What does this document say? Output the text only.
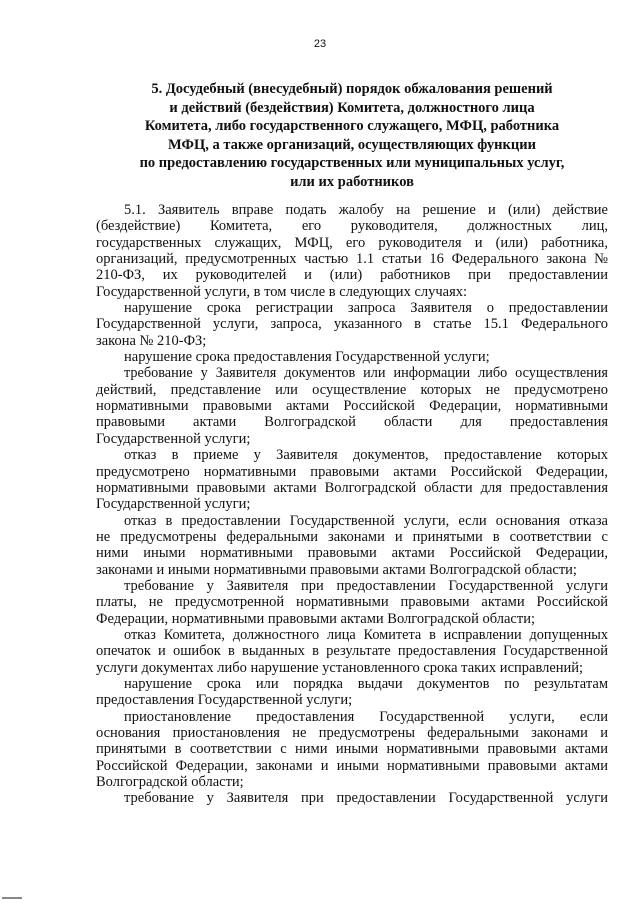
23
5. Досудебный (внесудебный) порядок обжалования решений
и действий (бездействия) Комитета, должностного лица
Комитета, либо государственного служащего, МФЦ, работника
МФЦ, а также организаций, осуществляющих функции
по предоставлению государственных или муниципальных услуг,
или их работников
5.1. Заявитель вправе подать жалобу на решение и (или) действие
(бездействие) Комитета, его руководителя, должностных лиц,
государственных служащих, МФЦ, его руководителя и (или) работника,
организаций, предусмотренных частью 1.1 статьи 16 Федерального закона №
210-ФЗ, их руководителей и (или) работников при предоставлении
Государственной услуги, в том числе в следующих случаях:
нарушение срока регистрации запроса Заявителя о предоставлении
Государственной услуги, запроса, указанного в статье 15.1 Федерального
закона № 210-ФЗ;
нарушение срока предоставления Государственной услуги;
требование у Заявителя документов или информации либо осуществления
действий, представление или осуществление которых не предусмотрено
нормативными правовыми актами Российской Федерации, нормативными
правовыми актами Волгоградской области для предоставления
Государственной услуги;
отказ в приеме у Заявителя документов, предоставление которых
предусмотрено нормативными правовыми актами Российской Федерации,
нормативными правовыми актами Волгоградской области для предоставления
Государственной услуги;
отказ в предоставлении Государственной услуги, если основания отказа
не предусмотрены федеральными законами и принятыми в соответствии с
ними иными нормативными правовыми актами Российской Федерации,
законами и иными нормативными правовыми актами Волгоградской области;
требование у Заявителя при предоставлении Государственной услуги
платы, не предусмотренной нормативными правовыми актами Российской
Федерации, нормативными правовыми актами Волгоградской области;
отказ Комитета, должностного лица Комитета в исправлении допущенных
опечаток и ошибок в выданных в результате предоставления Государственной
услуги документах либо нарушение установленного срока таких исправлений;
нарушение срока или порядка выдачи документов по результатам
предоставления Государственной услуги;
приостановление предоставления Государственной услуги, если
основания приостановления не предусмотрены федеральными законами и
принятыми в соответствии с ними иными нормативными правовыми актами
Российской Федерации, законами и иными нормативными правовыми актами
Волгоградской области;
требование у Заявителя при предоставлении Государственной услуги
